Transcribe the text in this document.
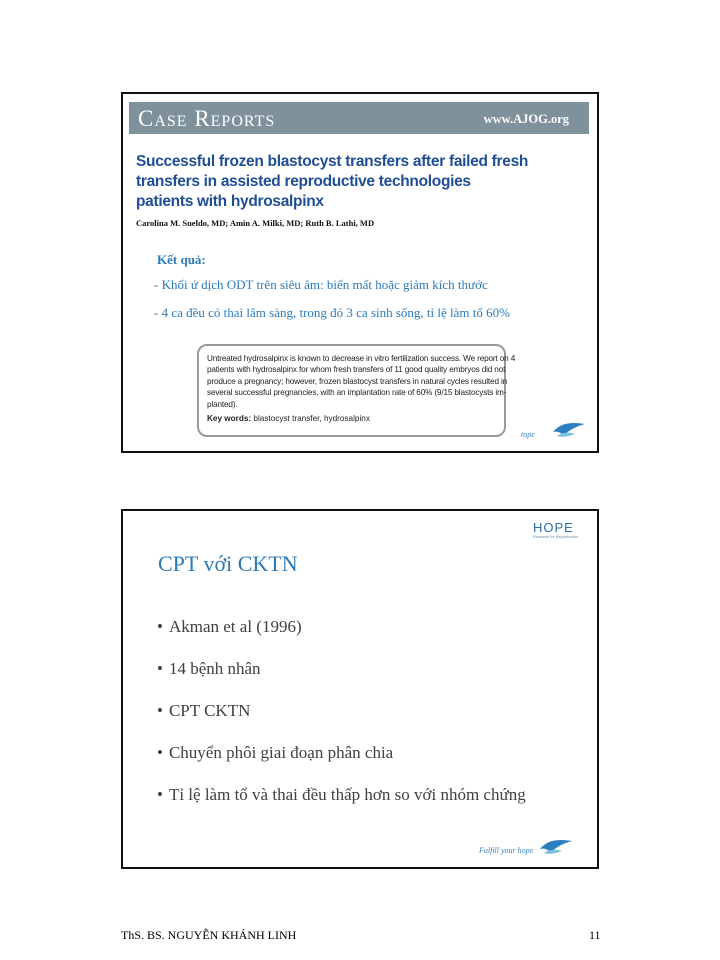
Case Reports	www.AJOG.org
Successful frozen blastocyst transfers after failed fresh
transfers in assisted reproductive technologies
patients with hydrosalpinx
Carolina M. Sueldo, MD; Amin A. Milki, MD; Ruth B. Lathi, MD
Kết quả:
- Khối ứ dịch ODT trên siêu âm: biến mất hoặc giảm kích thước
- 4 ca đều có thai lâm sàng, trong đó 3 ca sinh sống, tỉ lệ làm tổ 60%
Untreated hydrosalpinx is known to decrease in vitro fertilization success. We report on 4
patients with hydrosalpinx for whom fresh transfers of 11 good quality embryos did not
produce a pregnancy; however, frozen blastocyst transfers in natural cycles resulted in
several successful pregnancies, with an implantation rate of 60% (9/15 blastocysts im-
planted).
Key words: blastocyst transfer, hydrosalpinx
tope
HOPE
Research for Reproduction
CPT với CKTN
• Akman et al (1996)
• 14 bệnh nhân
• CPT CKTN
• Chuyển phôi giai đoạn phân chia
• Tỉ lệ làm tổ và thai đều thấp hơn so với nhóm chứng
Fulfill your hope
ThS. BS. NGUYỄN KHÁNH LINH	11
